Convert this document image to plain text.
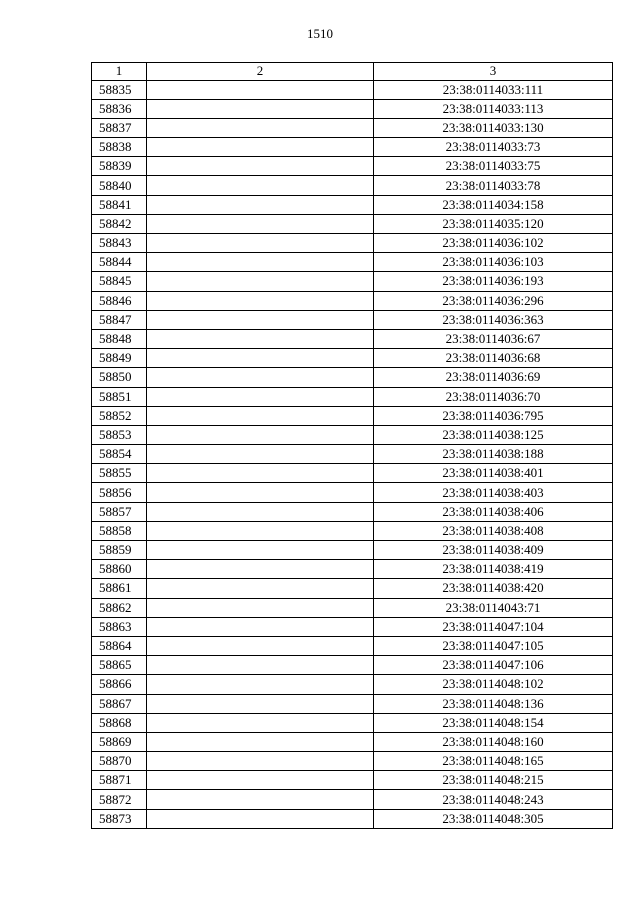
1510
1	2	3
58835		23:38:0114033:111
58836		23:38:0114033:113
58837		23:38:0114033:130
58838		23:38:0114033:73
58839		23:38:0114033:75
58840		23:38:0114033:78
58841		23:38:0114034:158
58842		23:38:0114035:120
58843		23:38:0114036:102
58844		23:38:0114036:103
58845		23:38:0114036:193
58846		23:38:0114036:296
58847		23:38:0114036:363
58848		23:38:0114036:67
58849		23:38:0114036:68
58850		23:38:0114036:69
58851		23:38:0114036:70
58852		23:38:0114036:795
58853		23:38:0114038:125
58854		23:38:0114038:188
58855		23:38:0114038:401
58856		23:38:0114038:403
58857		23:38:0114038:406
58858		23:38:0114038:408
58859		23:38:0114038:409
58860		23:38:0114038:419
58861		23:38:0114038:420
58862		23:38:0114043:71
58863		23:38:0114047:104
58864		23:38:0114047:105
58865		23:38:0114047:106
58866		23:38:0114048:102
58867		23:38:0114048:136
58868		23:38:0114048:154
58869		23:38:0114048:160
58870		23:38:0114048:165
58871		23:38:0114048:215
58872		23:38:0114048:243
58873		23:38:0114048:305
